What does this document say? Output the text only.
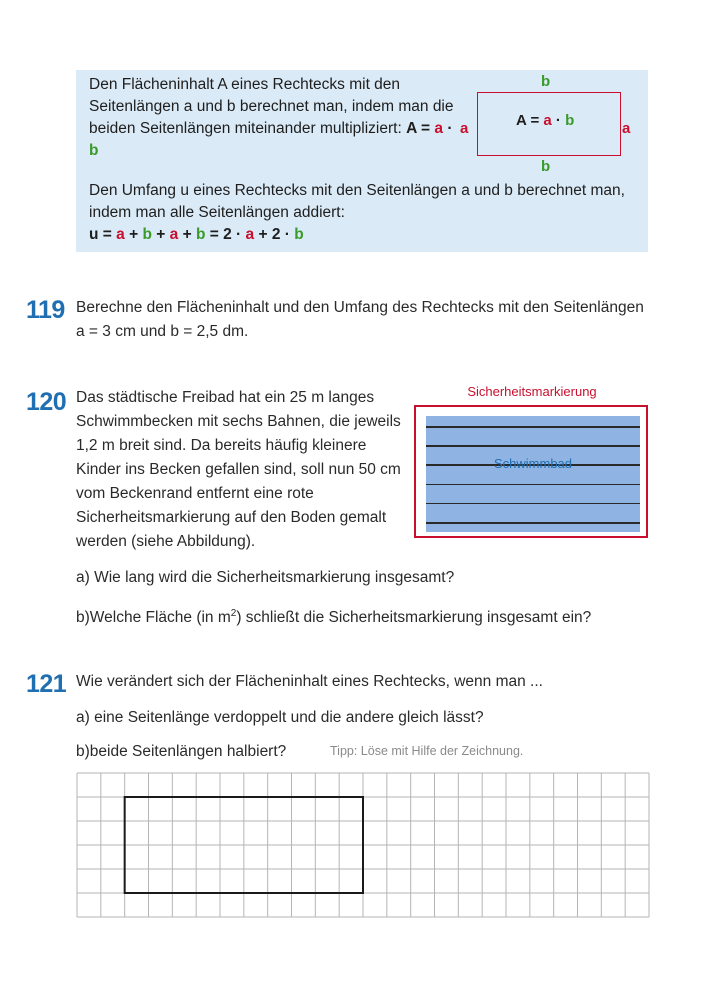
Den Flächeninhalt A eines Rechtecks mit den Seitenlängen a und b berechnet man, indem man die beiden Seitenlängen miteinander multipliziert: A = a · b
b
b
a	a
A = a · b
Den Umfang u eines Rechtecks mit den Seitenlängen a und b berechnet man, indem man alle Seitenlängen addiert:
u = a + b + a + b = 2 · a + 2 · b
119 Berechne den Flächeninhalt und den Umfang des Rechtecks mit den Seitenlängen a = 3 cm und b = 2,5 dm.
120 Das städtische Freibad hat ein 25 m langes Schwimmbecken mit sechs Bahnen, die jeweils 1,2 m breit sind. Da bereits häufig kleinere Kinder ins Becken gefallen sind, soll nun 50 cm vom Beckenrand entfernt eine rote Sicherheitsmarkierung auf den Boden gemalt werden (siehe Abbildung).
Sicherheitsmarkierung
Schwimmbad
a) Wie lang wird die Sicherheitsmarkierung insgesamt?
b)Welche Fläche (in $m^2$) schließt die Sicherheitsmarkierung insgesamt ein?
121 Wie verändert sich der Flächeninhalt eines Rechtecks, wenn man ...
a) eine Seitenlänge verdoppelt und die andere gleich lässt?
b)beide Seitenlängen halbiert?	Tipp: Löse mit Hilfe der Zeichnung.
